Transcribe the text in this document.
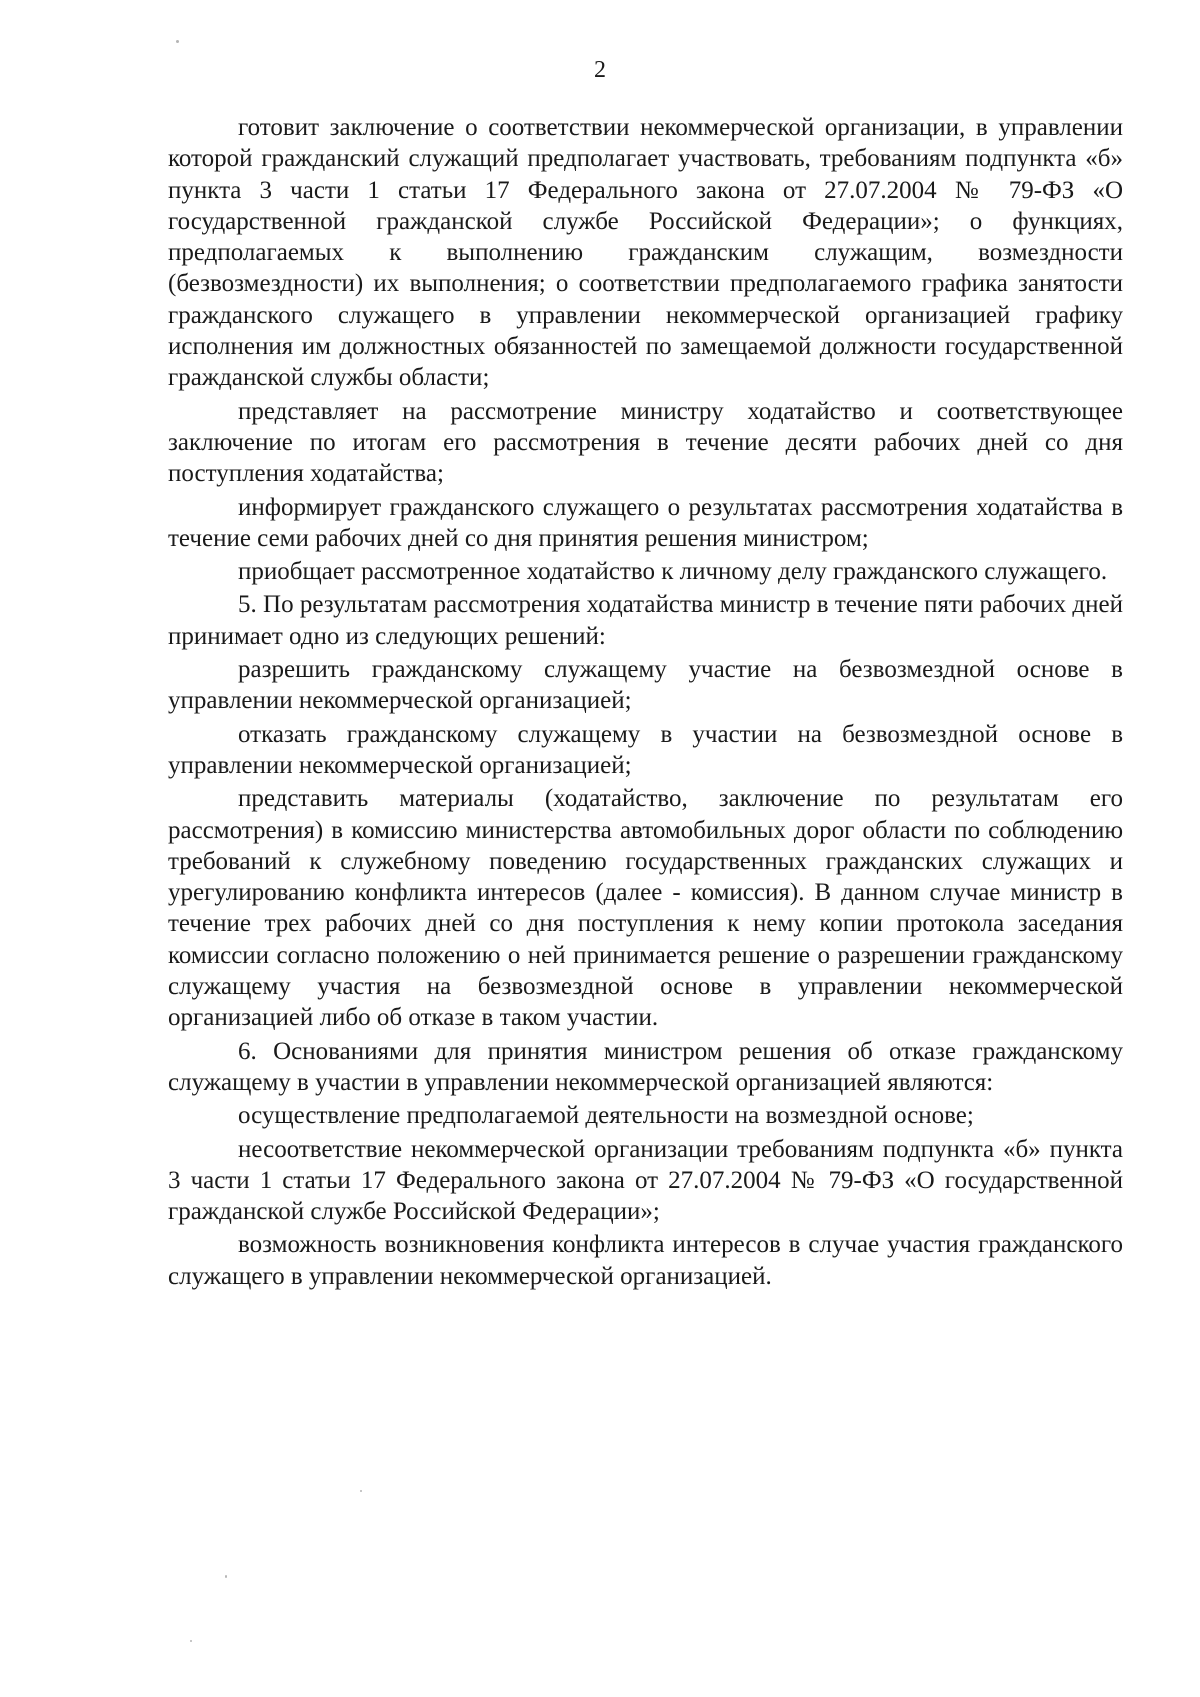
2

готовит заключение о соответствии некоммерческой организации, в управлении которой гражданский служащий предполагает участвовать, требованиям подпункта «б» пункта 3 части 1 статьи 17 Федерального закона от 27.07.2004 № 79-ФЗ «О государственной гражданской службе Российской Федерации»; о функциях, предполагаемых к выполнению гражданским служащим, возмездности (безвозмездности) их выполнения; о соответствии предполагаемого графика занятости гражданского служащего в управлении некоммерческой организацией графику исполнения им должностных обязанностей по замещаемой должности государственной гражданской службы области;

представляет на рассмотрение министру ходатайство и соответствующее заключение по итогам его рассмотрения в течение десяти рабочих дней со дня поступления ходатайства;

информирует гражданского служащего о результатах рассмотрения ходатайства в течение семи рабочих дней со дня принятия решения министром;

приобщает рассмотренное ходатайство к личному делу гражданского служащего.

5. По результатам рассмотрения ходатайства министр в течение пяти рабочих дней принимает одно из следующих решений:

разрешить гражданскому служащему участие на безвозмездной основе в управлении некоммерческой организацией;

отказать гражданскому служащему в участии на безвозмездной основе в управлении некоммерческой организацией;

представить материалы (ходатайство, заключение по результатам его рассмотрения) в комиссию министерства автомобильных дорог области по соблюдению требований к служебному поведению государственных гражданских служащих и урегулированию конфликта интересов (далее - комиссия). В данном случае министр в течение трех рабочих дней со дня поступления к нему копии протокола заседания комиссии согласно положению о ней принимается решение о разрешении гражданскому служащему участия на безвозмездной основе в управлении некоммерческой организацией либо об отказе в таком участии.

6. Основаниями для принятия министром решения об отказе гражданскому служащему в участии в управлении некоммерческой организацией являются:

осуществление предполагаемой деятельности на возмездной основе;

несоответствие некоммерческой организации требованиям подпункта «б» пункта 3 части 1 статьи 17 Федерального закона от 27.07.2004 № 79-ФЗ «О государственной гражданской службе Российской Федерации»;

возможность возникновения конфликта интересов в случае участия гражданского служащего в управлении некоммерческой организацией.
